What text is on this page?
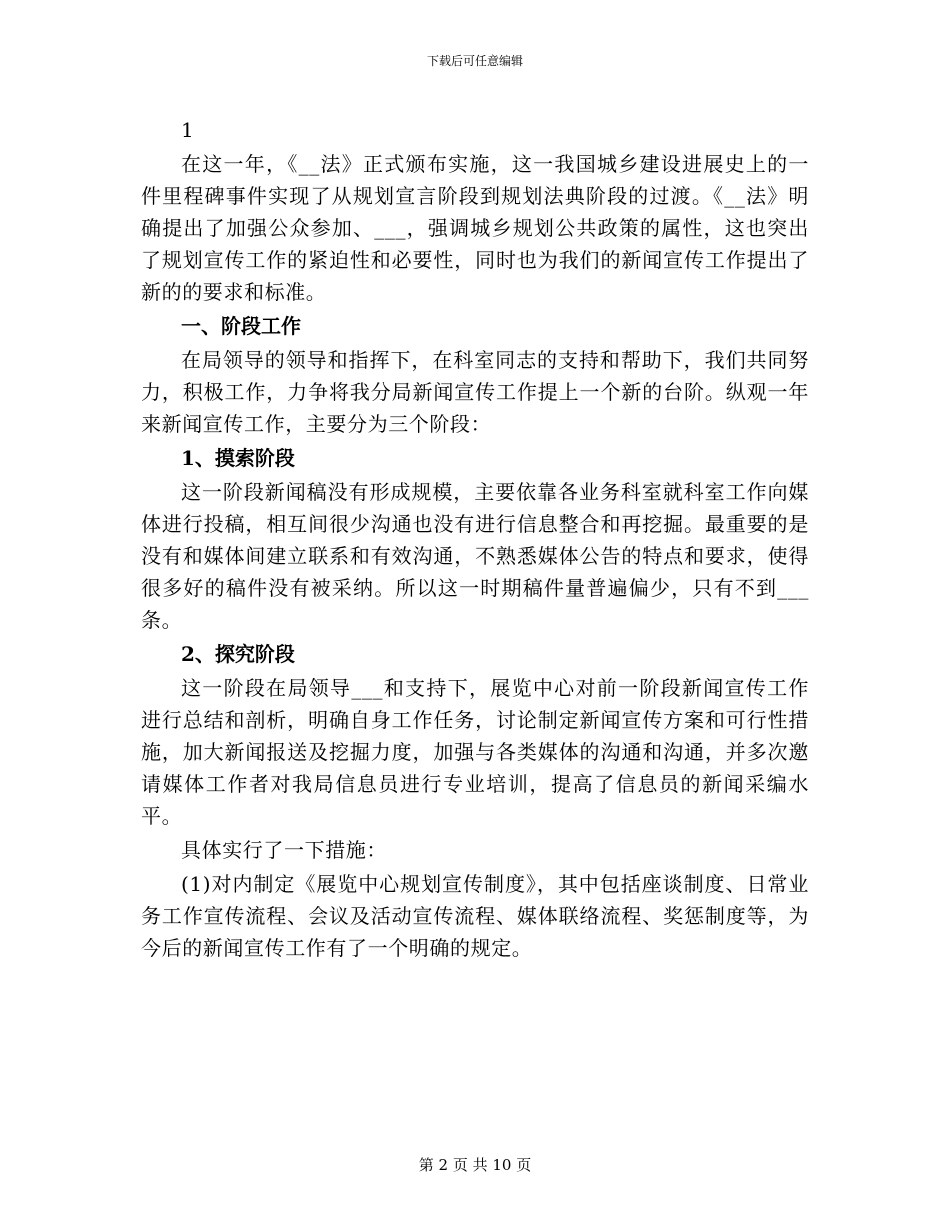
下载后可任意编辑
1
在这一年，《__法》正式颁布实施，这一我国城乡建设进展史上的一件里程碑事件实现了从规划宣言阶段到规划法典阶段的过渡。《__法》明确提出了加强公众参加、___，强调城乡规划公共政策的属性，这也突出了规划宣传工作的紧迫性和必要性，同时也为我们的新闻宣传工作提出了新的的要求和标准。
一、阶段工作
在局领导的领导和指挥下，在科室同志的支持和帮助下，我们共同努力，积极工作，力争将我分局新闻宣传工作提上一个新的台阶。纵观一年来新闻宣传工作，主要分为三个阶段：
1、摸索阶段
这一阶段新闻稿没有形成规模，主要依靠各业务科室就科室工作向媒体进行投稿，相互间很少沟通也没有进行信息整合和再挖掘。最重要的是没有和媒体间建立联系和有效沟通，不熟悉媒体公告的特点和要求，使得很多好的稿件没有被采纳。所以这一时期稿件量普遍偏少，只有不到___条。
2、探究阶段
这一阶段在局领导___和支持下，展览中心对前一阶段新闻宣传工作进行总结和剖析，明确自身工作任务，讨论制定新闻宣传方案和可行性措施，加大新闻报送及挖掘力度，加强与各类媒体的沟通和沟通，并多次邀请媒体工作者对我局信息员进行专业培训，提高了信息员的新闻采编水平。
具体实行了一下措施：
(1)对内制定《展览中心规划宣传制度》，其中包括座谈制度、日常业务工作宣传流程、会议及活动宣传流程、媒体联络流程、奖惩制度等，为今后的新闻宣传工作有了一个明确的规定。
第 2 页 共 10 页
